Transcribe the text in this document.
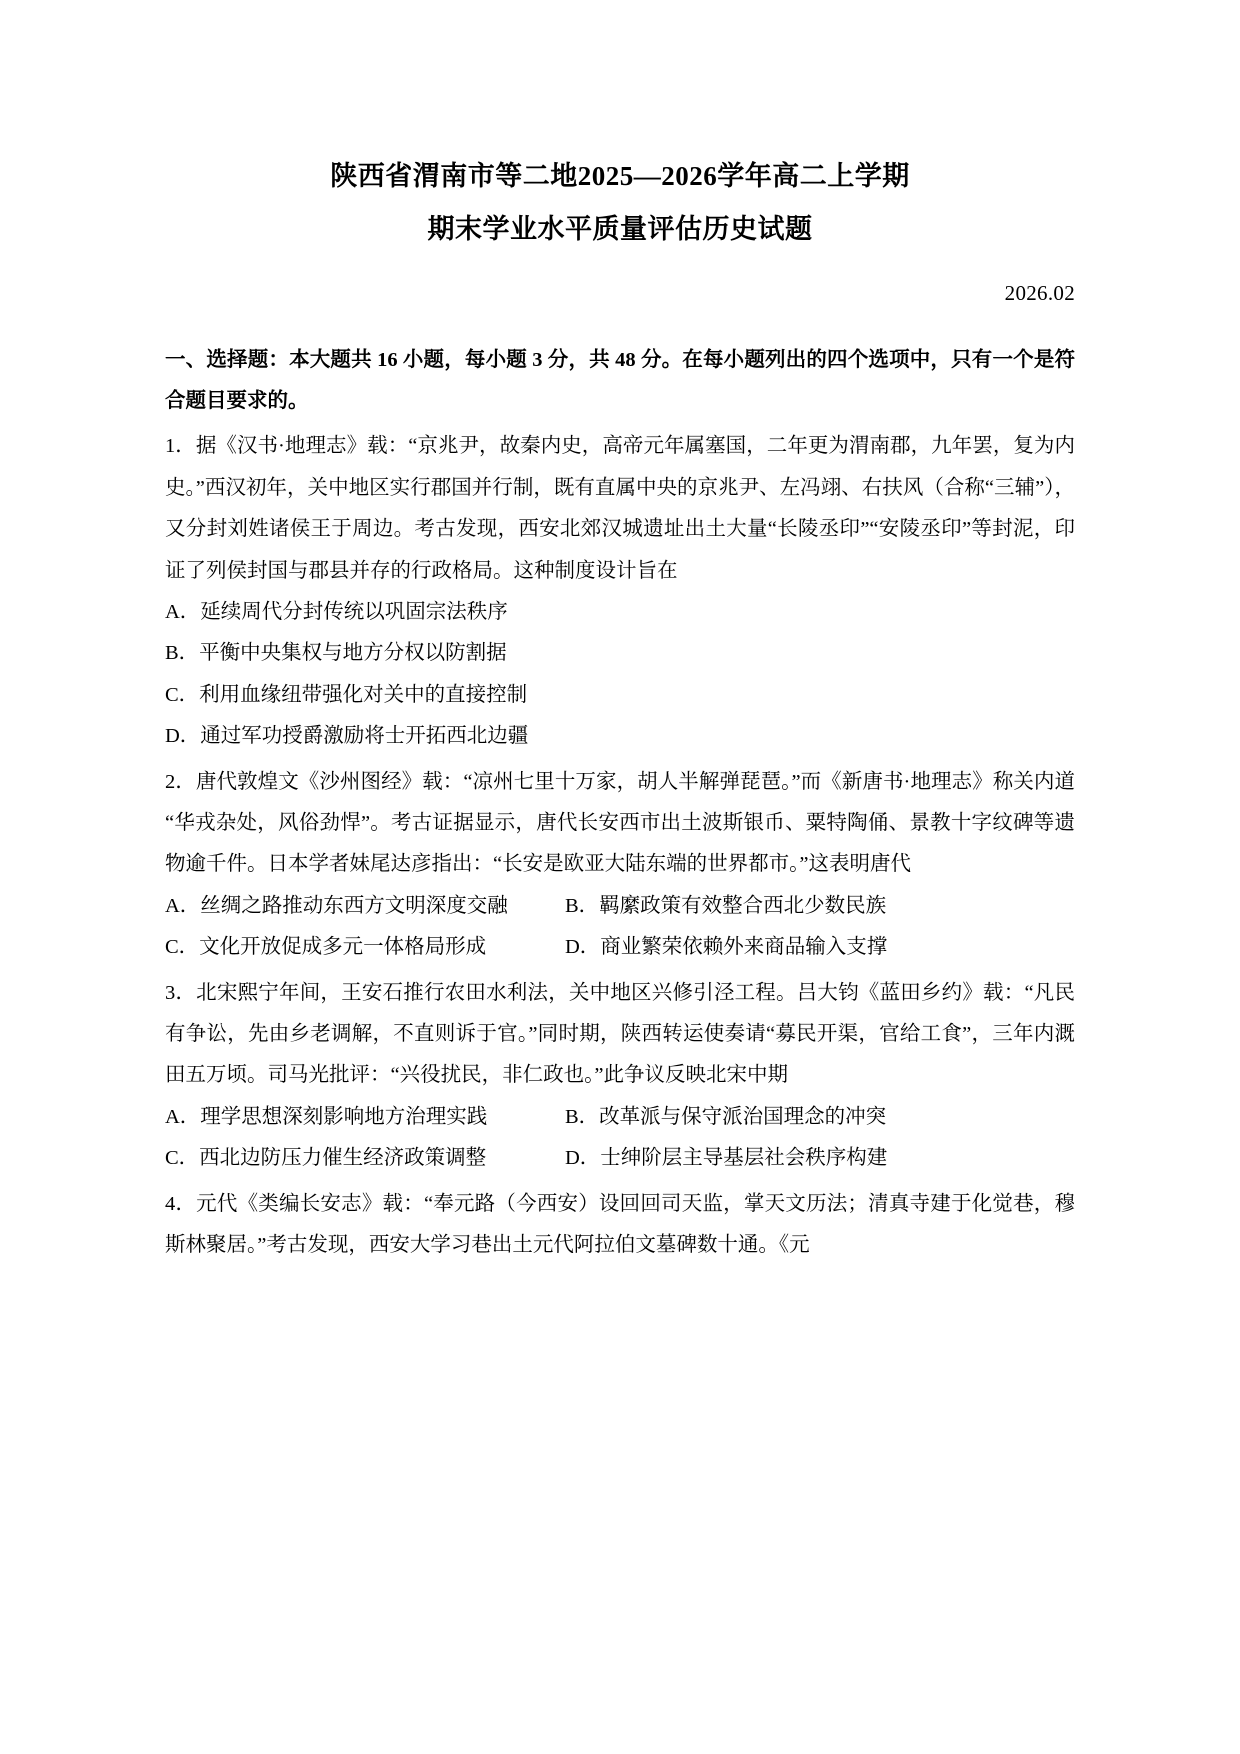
陕西省渭南市等二地2025—2026学年高二上学期
期末学业水平质量评估历史试题
2026.02
一、选择题：本大题共 16 小题，每小题 3 分，共 48 分。在每小题列出的四个选项中，只有一个是符合题目要求的。

1．据《汉书·地理志》载：“京兆尹，故秦内史，高帝元年属塞国，二年更为渭南郡，九年罢，复为内史。”西汉初年，关中地区实行郡国并行制，既有直属中央的京兆尹、左冯翊、右扶风（合称“三辅”），又分封刘姓诸侯王于周边。考古发现，西安北郊汉城遗址出土大量“长陵丞印”“安陵丞印”等封泥，印证了列侯封国与郡县并存的行政格局。这种制度设计旨在

A．延续周代分封传统以巩固宗法秩序
B．平衡中央集权与地方分权以防割据
C．利用血缘纽带强化对关中的直接控制
D．通过军功授爵激励将士开拓西北边疆

2．唐代敦煌文《沙州图经》载：“凉州七里十万家，胡人半解弹琵琶。”而《新唐书·地理志》称关内道“华戎杂处，风俗劲悍”。考古证据显示，唐代长安西市出土波斯银币、粟特陶俑、景教十字纹碑等遗物逾千件。日本学者妹尾达彦指出：“长安是欧亚大陆东端的世界都市。”这表明唐代

A．丝绸之路推动东西方文明深度交融	B．羁縻政策有效整合西北少数民族
C．文化开放促成多元一体格局形成	D．商业繁荣依赖外来商品输入支撑

3．北宋熙宁年间，王安石推行农田水利法，关中地区兴修引泾工程。吕大钧《蓝田乡约》载：“凡民有争讼，先由乡老调解，不直则诉于官。”同时期，陕西转运使奏请“募民开渠，官给工食”，三年内溉田五万顷。司马光批评：“兴役扰民，非仁政也。”此争议反映北宋中期

A．理学思想深刻影响地方治理实践	B．改革派与保守派治国理念的冲突
C．西北边防压力催生经济政策调整	D．士绅阶层主导基层社会秩序构建

4．元代《类编长安志》载：“奉元路（今西安）设回回司天监，掌天文历法；清真寺建于化觉巷，穆斯林聚居。”考古发现，西安大学习巷出土元代阿拉伯文墓碑数十通。《元
